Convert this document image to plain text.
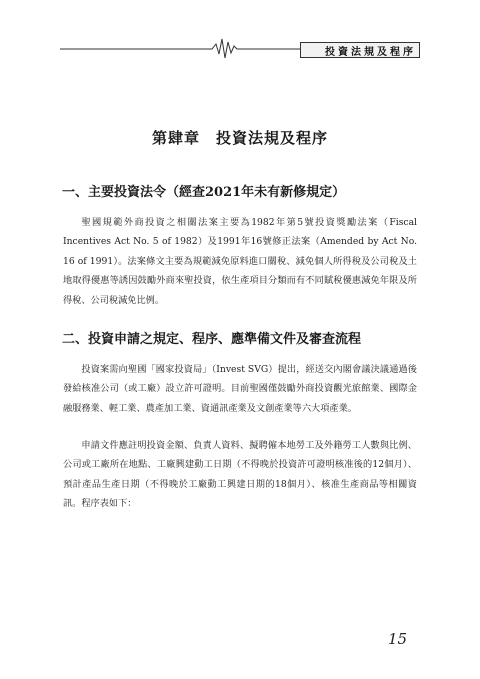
投資法規及程序
第肆章　投資法規及程序
一、主要投資法令（經查2021年未有新修規定）

聖國規範外商投資之相關法案主要為1982年第5號投資獎勵法案（Fiscal Incentives Act No. 5 of 1982）及1991年16號修正法案（Amended by Act No. 16 of 1991）。法案條文主要為規範減免原料進口關稅、減免個人所得稅及公司稅及土地取得優惠等誘因鼓勵外商來聖投資，依生產項目分類而有不同賦稅優惠減免年限及所得稅、公司稅減免比例。

二、投資申請之規定、程序、應準備文件及審查流程

投資案需向聖國「國家投資局」（Invest SVG）提出，經送交內閣會議決議通過後發給核准公司（或工廠）設立許可證明。目前聖國僅鼓勵外商投資觀光旅館業、國際金融服務業、輕工業、農產加工業、資通訊產業及文創產業等六大項產業。

申請文件應註明投資金額、負責人資料、擬聘僱本地勞工及外籍勞工人數與比例、公司或工廠所在地點、工廠興建動工日期（不得晚於投資許可證明核准後的12個月）、預計產品生產日期（不得晚於工廠動工興建日期的18個月）、核准生產商品等相關資訊。程序表如下：

15
